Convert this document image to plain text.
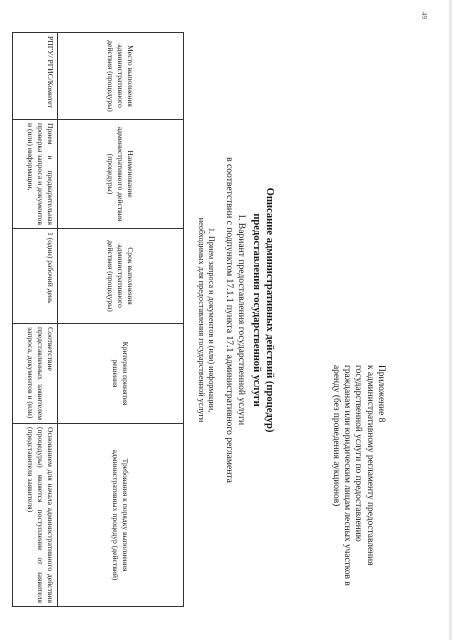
49
Приложение 8
к административному регламенту предоставления
государственной услуги по предоставлению
гражданам или юридическим лицам лесных участков в
аренду (без проведения аукционов)
Описание административных действий (процедур)
предоставления государственной услуги
I. Вариант предоставления государственной услуги
в соответствии с подпунктом 17.1.1 пункта 17.1 административного регламента
1. Прием запроса и документов и (или) информации,
необходимых для предоставления государственной услуги
Место выполнения административного действия (процедуры)	Наименование административного действия (процедуры)	Срок выполнения административного действия (процедуры)	Критерии принятия решения	Требования к порядку выполнения административных процедур (действий)
РПГУ/ РГИС/Комитет	Прием и предварительная проверка запроса и документов и (или) информации,	1 (один) рабочий день	Соответствие представленных заявителем запроса, документов и (или)	Основанием для начала административного действия (процедуры) является поступление от заявителя (представителя заявителя)
